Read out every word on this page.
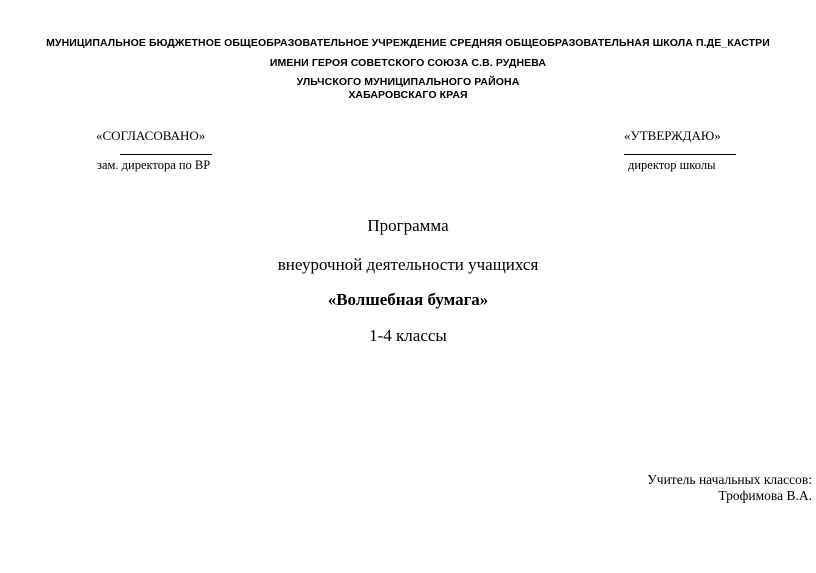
МУНИЦИПАЛЬНОЕ БЮДЖЕТНОЕ ОБЩЕОБРАЗОВАТЕЛЬНОЕ УЧРЕЖДЕНИЕ СРЕДНЯЯ ОБЩЕОБРАЗОВАТЕЛЬНАЯ ШКОЛА П.ДЕ_КАСТРИ
ИМЕНИ ГЕРОЯ СОВЕТСКОГО СОЮЗА С.В. РУДНЕВА
УЛЬЧСКОГО МУНИЦИПАЛЬНОГО РАЙОНА
ХАБАРОВСКАГО КРАЯ
«СОГЛАСОВАНО»
зам. директора по ВР
«УТВЕРЖДАЮ»
директор школы
Программа
внеурочной деятельности учащихся
«Волшебная бумага»
1-4 классы
Учитель начальных классов:
Трофимова В.А.
